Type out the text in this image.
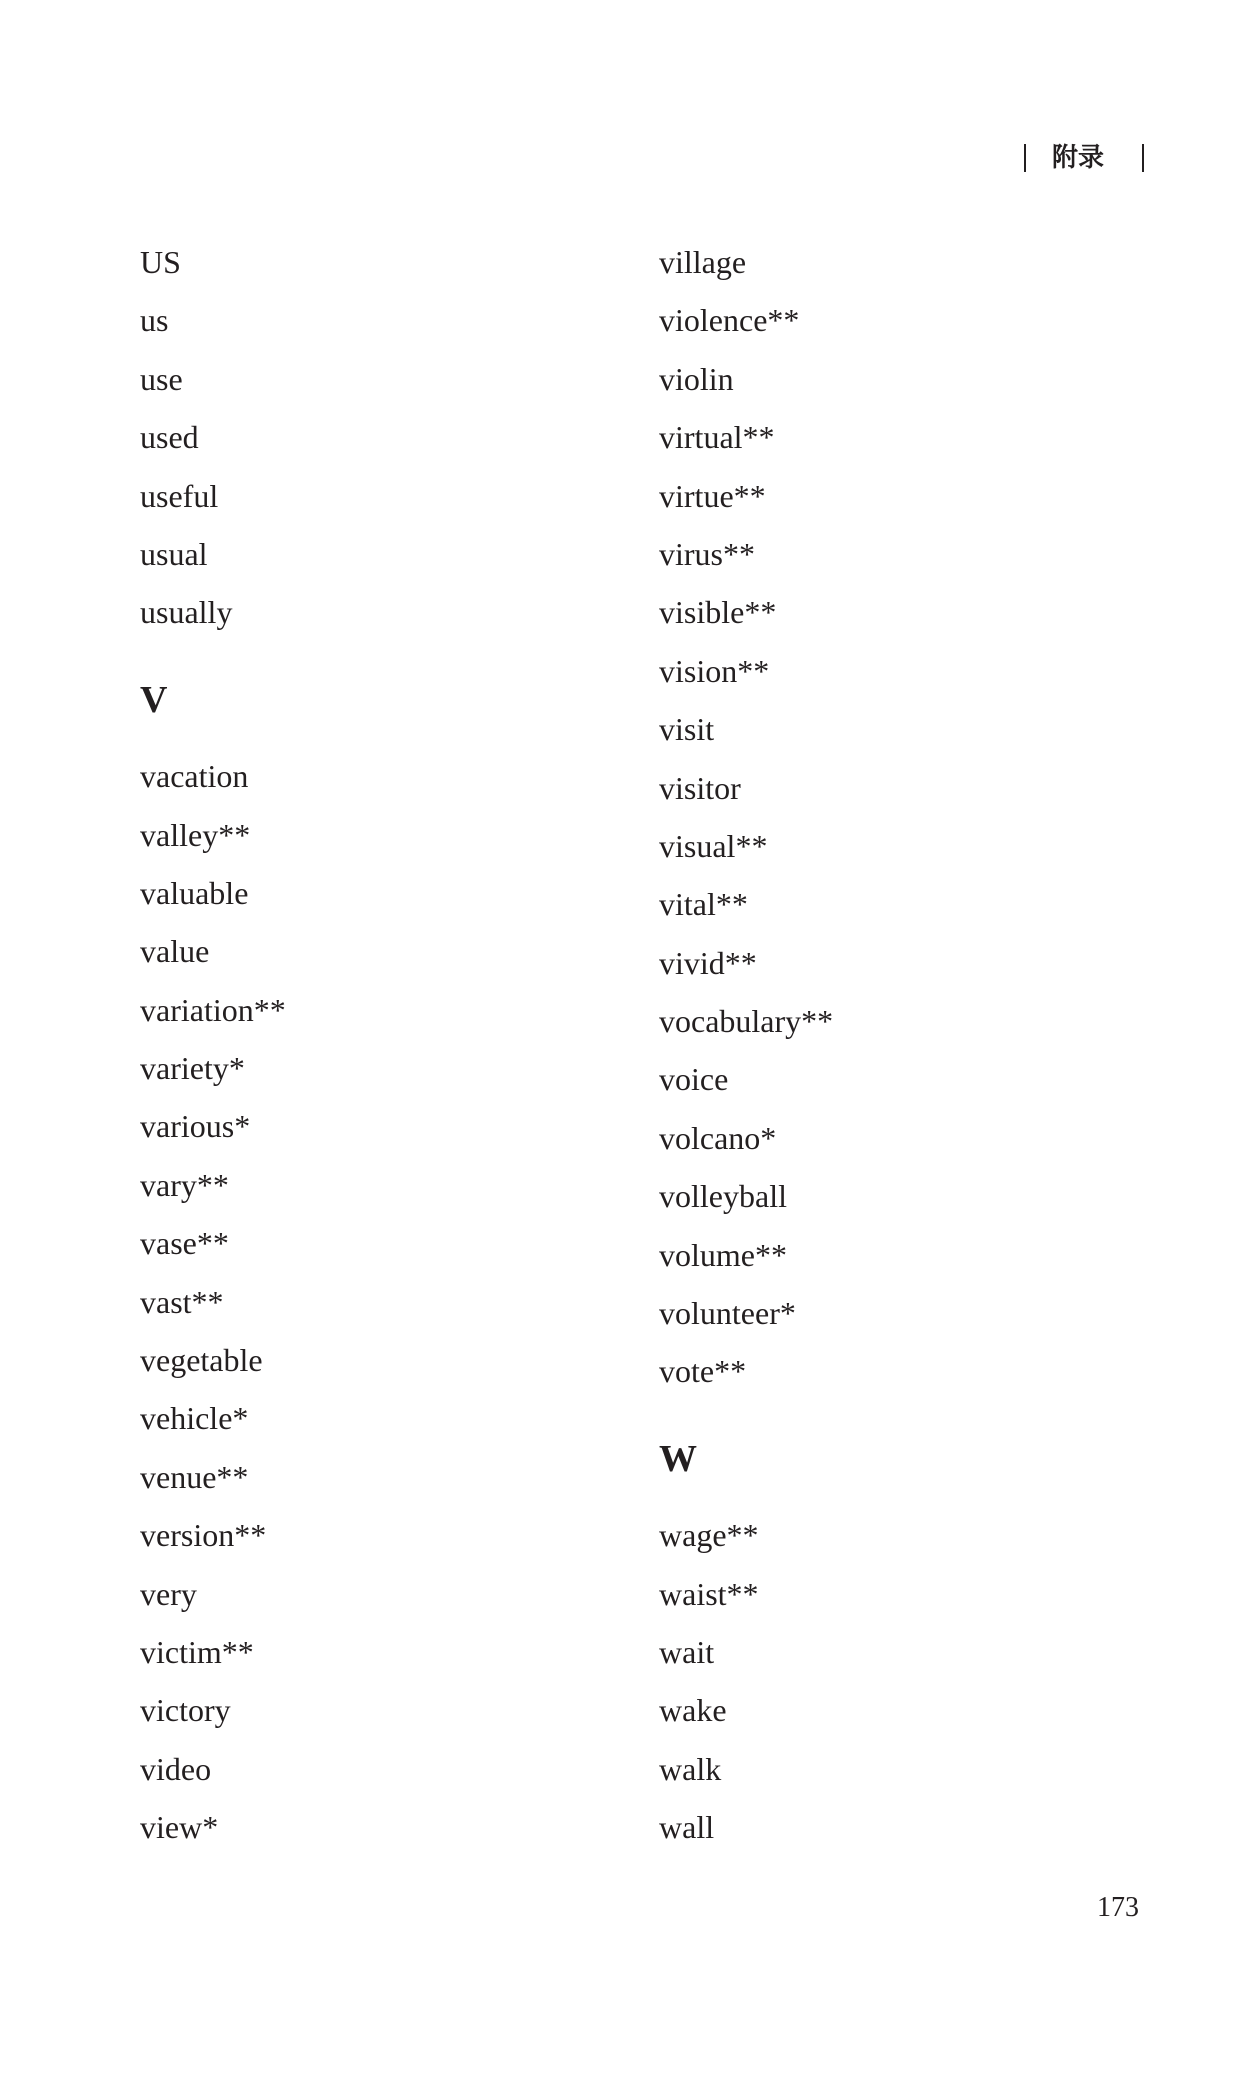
附录
US
us
use
used
useful
usual
usually
V
vacation
valley**
valuable
value
variation**
variety*
various*
vary**
vase**
vast**
vegetable
vehicle*
venue**
version**
very
victim**
victory
video
view*
village
violence**
violin
virtual**
virtue**
virus**
visible**
vision**
visit
visitor
visual**
vital**
vivid**
vocabulary**
voice
volcano*
volleyball
volume**
volunteer*
vote**
W
wage**
waist**
wait
wake
walk
wall
173
